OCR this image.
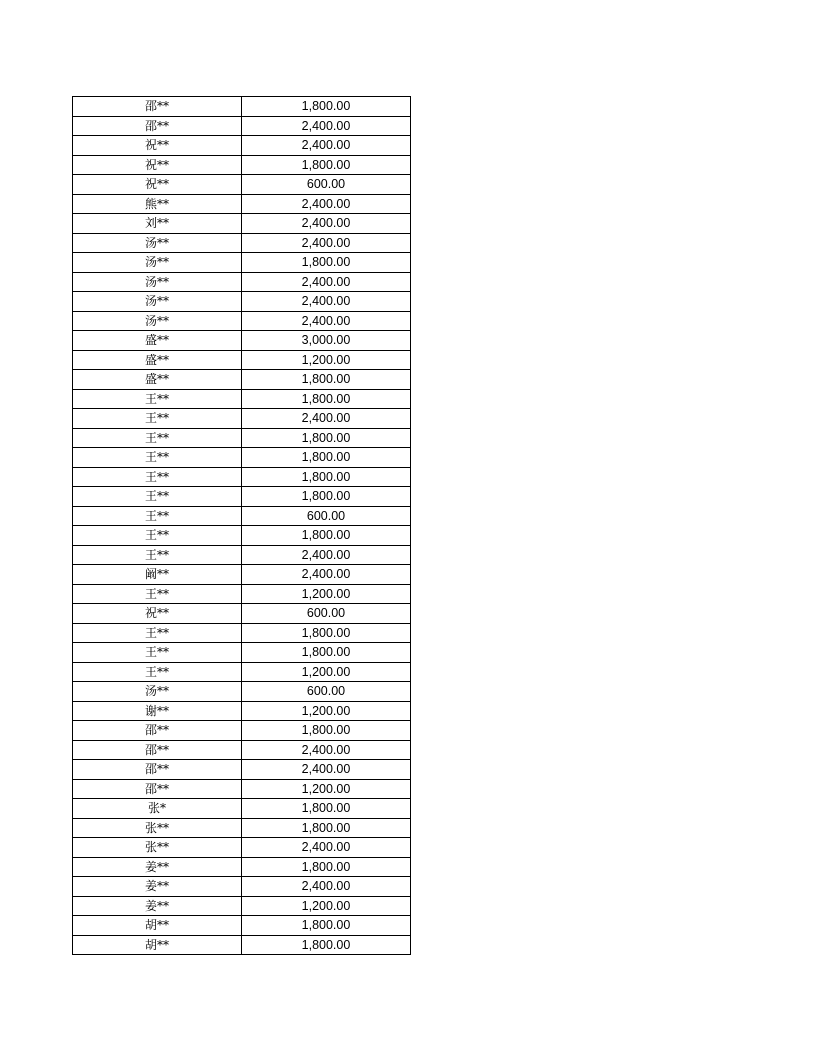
邵**	1,800.00
邵**	2,400.00
祝**	2,400.00
祝**	1,800.00
祝**	600.00
熊**	2,400.00
刘**	2,400.00
汤**	2,400.00
汤**	1,800.00
汤**	2,400.00
汤**	2,400.00
汤**	2,400.00
盛**	3,000.00
盛**	1,200.00
盛**	1,800.00
王**	1,800.00
王**	2,400.00
王**	1,800.00
王**	1,800.00
王**	1,800.00
王**	1,800.00
王**	600.00
王**	1,800.00
王**	2,400.00
阚**	2,400.00
王**	1,200.00
祝**	600.00
王**	1,800.00
王**	1,800.00
王**	1,200.00
汤**	600.00
谢**	1,200.00
邵**	1,800.00
邵**	2,400.00
邵**	2,400.00
邵**	1,200.00
张*	1,800.00
张**	1,800.00
张**	2,400.00
姜**	1,800.00
姜**	2,400.00
姜**	1,200.00
胡**	1,800.00
胡**	1,800.00
